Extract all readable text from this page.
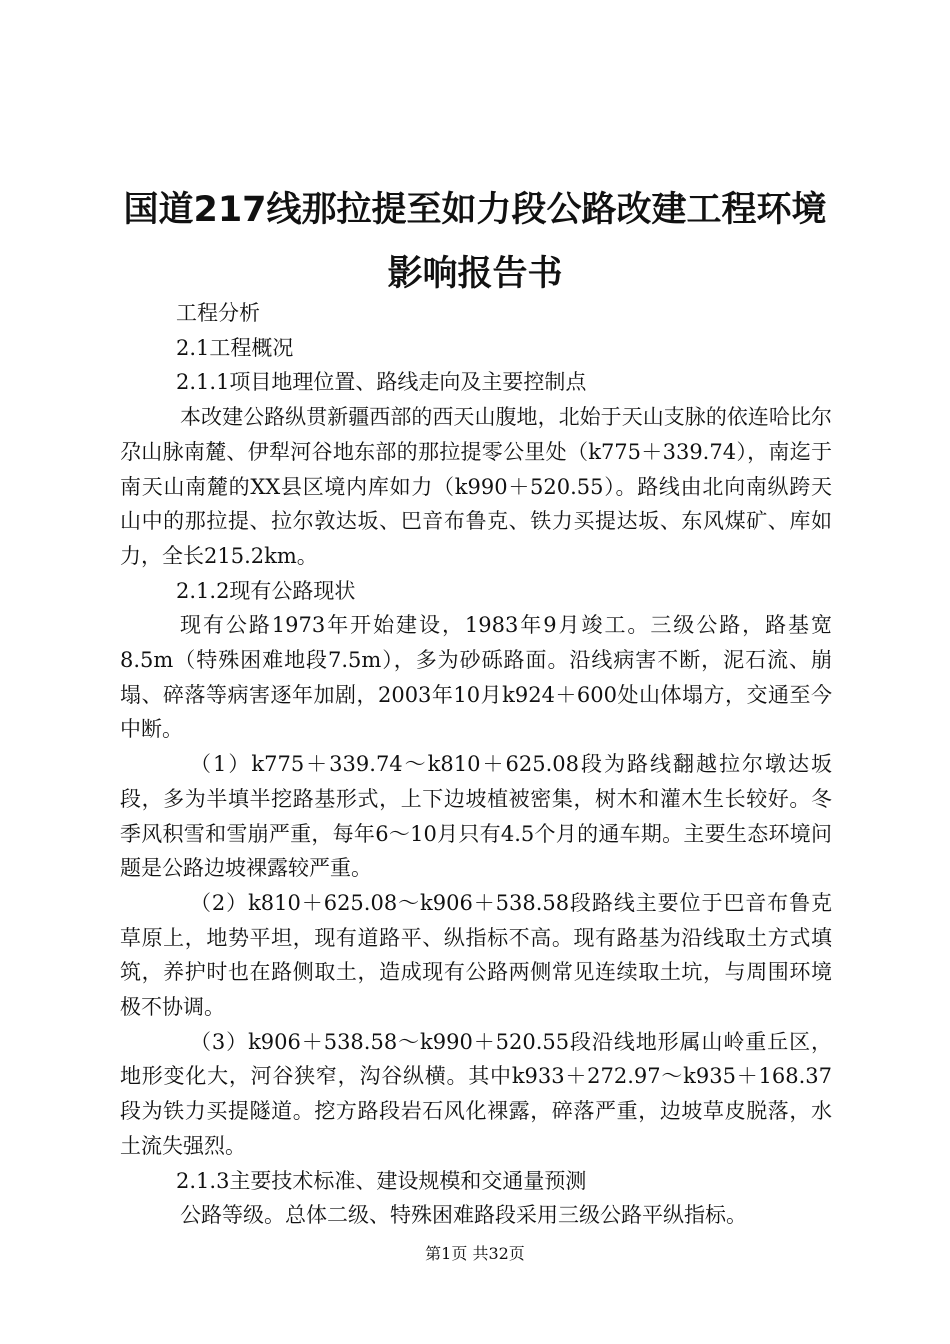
国道217线那拉提至如力段公路改建工程环境影响报告书

工程分析

2.1工程概况

2.1.1项目地理位置、路线走向及主要控制点

本改建公路纵贯新疆西部的西天山腹地，北始于天山支脉的依连哈比尔尕山脉南麓、伊犁河谷地东部的那拉提零公里处（k775＋339.74），南迄于南天山南麓的XX县区境内库如力（k990＋520.55）。路线由北向南纵跨天山中的那拉提、拉尔敦达坂、巴音布鲁克、铁力买提达坂、东风煤矿、库如力，全长215.2km。

2.1.2现有公路现状

现有公路1973年开始建设，1983年9月竣工。三级公路，路基宽8.5m（特殊困难地段7.5m），多为砂砾路面。沿线病害不断，泥石流、崩塌、碎落等病害逐年加剧，2003年10月k924＋600处山体塌方，交通至今中断。

（1）k775＋339.74～k810＋625.08段为路线翻越拉尔墩达坂段，多为半填半挖路基形式，上下边坡植被密集，树木和灌木生长较好。冬季风积雪和雪崩严重，每年6～10月只有4.5个月的通车期。主要生态环境问题是公路边坡裸露较严重。

（2）k810＋625.08～k906＋538.58段路线主要位于巴音布鲁克草原上，地势平坦，现有道路平、纵指标不高。现有路基为沿线取土方式填筑，养护时也在路侧取土，造成现有公路两侧常见连续取土坑，与周围环境极不协调。

（3）k906＋538.58～k990＋520.55段沿线地形属山岭重丘区，地形变化大，河谷狭窄，沟谷纵横。其中k933＋272.97～k935＋168.37段为铁力买提隧道。挖方路段岩石风化裸露，碎落严重，边坡草皮脱落，水土流失强烈。

2.1.3主要技术标准、建设规模和交通量预测

公路等级。总体二级、特殊困难路段采用三级公路平纵指标。

第1页 共32页
